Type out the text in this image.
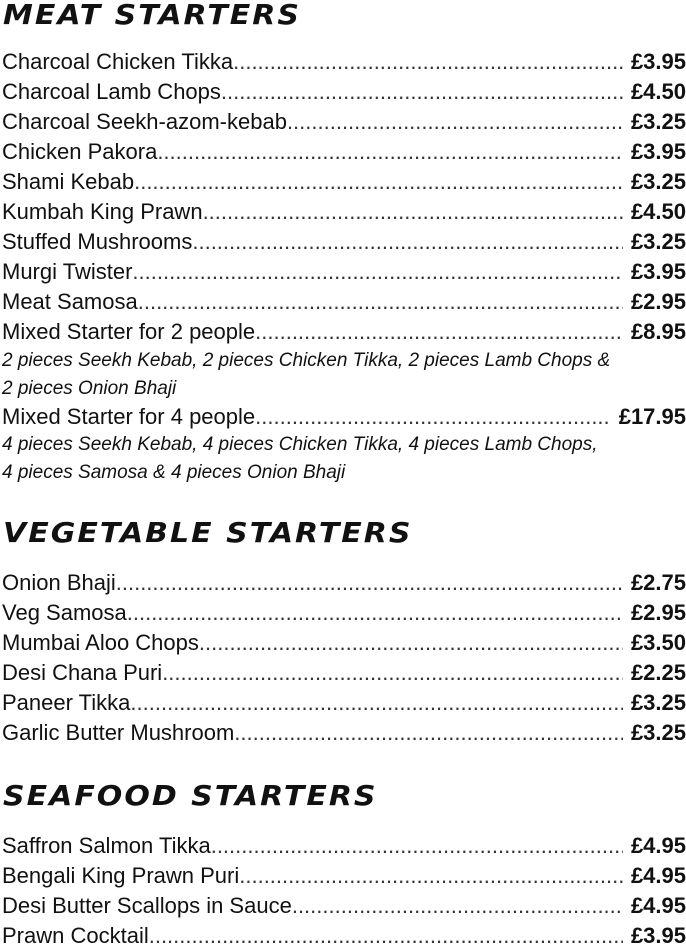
MEAT STARTERS
Charcoal Chicken Tikka .....	£3.95
Charcoal Lamb Chops .....	£4.50
Charcoal Seekh-azom-kebab .....	£3.25
Chicken Pakora .....	£3.95
Shami Kebab .....	£3.25
Kumbah King Prawn .....	£4.50
Stuffed Mushrooms .....	£3.25
Murgi Twister .....	£3.95
Meat Samosa .....	£2.95
Mixed Starter for 2 people .....	£8.95
2 pieces Seekh Kebab, 2 pieces Chicken Tikka, 2 pieces Lamb Chops & 2 pieces Onion Bhaji
Mixed Starter for 4 people .....	£17.95
4 pieces Seekh Kebab, 4 pieces Chicken Tikka, 4 pieces Lamb Chops, 4 pieces Samosa & 4 pieces Onion Bhaji
VEGETABLE STARTERS
Onion Bhaji .....	£2.75
Veg Samosa .....	£2.95
Mumbai Aloo Chops .....	£3.50
Desi Chana Puri .....	£2.25
Paneer Tikka .....	£3.25
Garlic Butter Mushroom .....	£3.25
SEAFOOD STARTERS
Saffron Salmon Tikka .....	£4.95
Bengali King Prawn Puri .....	£4.95
Desi Butter Scallops in Sauce .....	£4.95
Prawn Cocktail .....	£3.95
